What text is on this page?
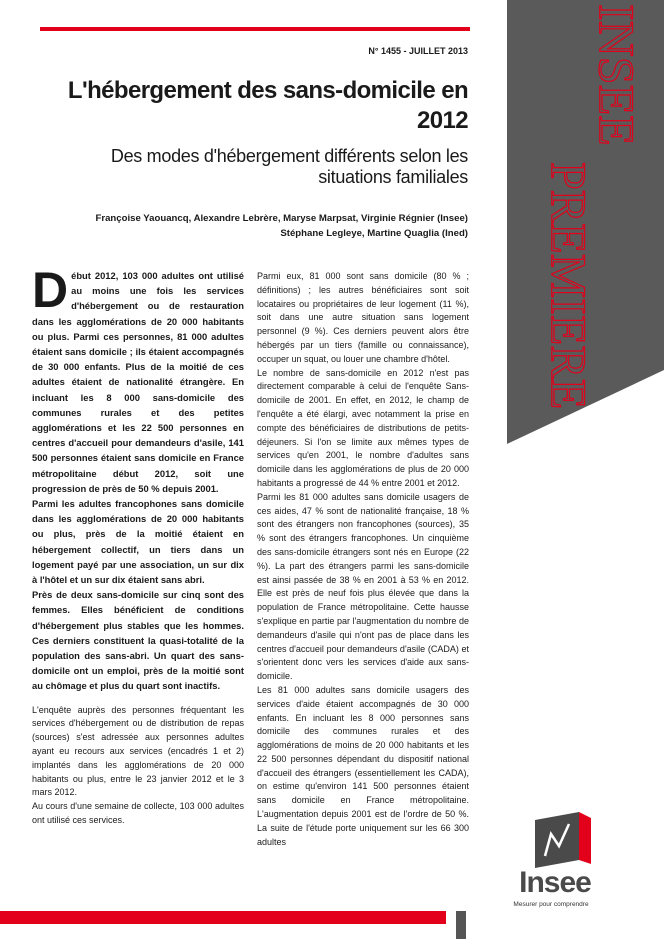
N° 1455 - JUILLET 2013 INSEE
PREMIERE
L'hébergement des sans-domicile en 2012
Des modes d'hébergement différents selon les situations familiales
Françoise Yaouancq, Alexandre Lebrère, Maryse Marpsat, Virginie Régnier (Insee)
Stéphane Legleye, Martine Quaglia (Ined)
D ébut 2012, 103 000 adultes ont utilisé au moins une fois les services d'hébergement ou de restauration dans les agglomérations de 20 000 habitants ou plus. Parmi ces personnes, 81 000 adultes étaient sans domicile ; ils étaient accompagnés de 30 000 enfants. Plus de la moitié de ces adultes étaient de nationalité étrangère. En incluant les 8 000 sans-domicile des communes rurales et des petites agglomérations et les 22 500 personnes en centres d'accueil pour demandeurs d'asile, 141 500 personnes étaient sans domicile en France métropolitaine début 2012, soit une progression de près de 50 % depuis 2001.

Parmi les adultes francophones sans domicile dans les agglomérations de 20 000 habitants ou plus, près de la moitié étaient en hébergement collectif, un tiers dans un logement payé par une association, un sur dix à l'hôtel et un sur dix étaient sans abri.

Près de deux sans-domicile sur cinq sont des femmes. Elles bénéficient de conditions d'hébergement plus stables que les hommes. Ces derniers constituent la quasi-totalité de la population des sans-abri. Un quart des sans-domicile ont un emploi, près de la moitié sont au chômage et plus du quart sont inactifs.

L'enquête auprès des personnes fréquentant les services d'hébergement ou de distribution de repas (sources) s'est adressée aux personnes adultes ayant eu recours aux services (encadrés 1 et 2) implantés dans les agglomérations de 20 000 habitants ou plus, entre le 23 janvier 2012 et le 3 mars 2012.

Au cours d'une semaine de collecte, 103 000 adultes ont utilisé ces services.

Parmi eux, 81 000 sont sans domicile (80 % ; définitions) ; les autres bénéficiaires sont soit locataires ou propriétaires de leur logement (11 %), soit dans une autre situation sans logement personnel (9 %). Ces derniers peuvent alors être hébergés par un tiers (famille ou connaissance), occuper un squat, ou louer une chambre d'hôtel.

Le nombre de sans-domicile en 2012 n'est pas directement comparable à celui de l'enquête Sans-domicile de 2001. En effet, en 2012, le champ de l'enquête a été élargi, avec notamment la prise en compte des bénéficiaires de distributions de petits-déjeuners. Si l'on se limite aux mêmes types de services qu'en 2001, le nombre d'adultes sans domicile dans les agglomérations de plus de 20 000 habitants a progressé de 44 % entre 2001 et 2012.

Parmi les 81 000 adultes sans domicile usagers de ces aides, 47 % sont de nationalité française, 18 % sont des étrangers non francophones (sources), 35 % sont des étrangers francophones. Un cinquième des sans-domicile étrangers sont nés en Europe (22 %). La part des étrangers parmi les sans-domicile est ainsi passée de 38 % en 2001 à 53 % en 2012. Elle est près de neuf fois plus élevée que dans la population de France métropolitaine. Cette hausse s'explique en partie par l'augmentation du nombre de demandeurs d'asile qui n'ont pas de place dans les centres d'accueil pour demandeurs d'asile (CADA) et s'orientent donc vers les services d'aide aux sans-domicile.

Les 81 000 adultes sans domicile usagers des services d'aide étaient accompagnés de 30 000 enfants. En incluant les 8 000 personnes sans domicile des communes rurales et des agglomérations de moins de 20 000 habitants et les 22 500 personnes dépendant du dispositif national d'accueil des étrangers (essentiellement les CADA), on estime qu'environ 141 500 personnes étaient sans domicile en France métropolitaine. L'augmentation depuis 2001 est de l'ordre de 50 %. La suite de l'étude porte uniquement sur les 66 300 adultes

Insee
Mesurer pour comprendre
